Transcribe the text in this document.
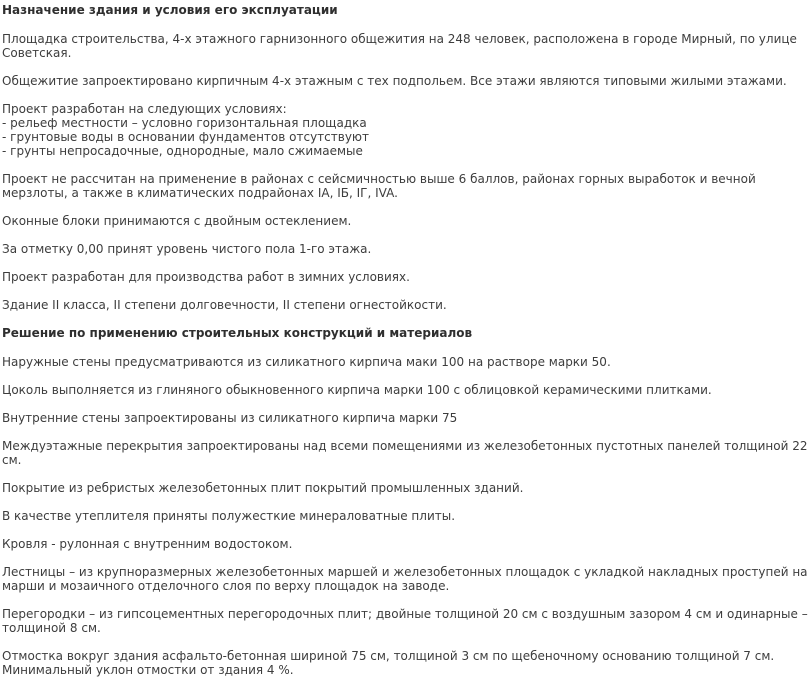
Назначение здания и условия его эксплуатации
Площадка строительства, 4-х этажного гарнизонного общежития на 248 человек, расположена в городе Мирный, по улице
Советская.
Общежитие запроектировано кирпичным 4-х этажным с тех подпольем. Все этажи являются типовыми жилыми этажами.
Проект разработан на следующих условиях:
- рельеф местности – условно горизонтальная площадка
- грунтовые воды в основании фундаментов отсутствуют
- грунты непросадочные, однородные, мало сжимаемые
Проект не рассчитан на применение в районах с сейсмичностью выше 6 баллов, районах горных выработок и вечной
мерзлоты, а также в климатических подрайонах IA, IБ, IГ, IVA.
Оконные блоки принимаются с двойным остеклением.
За отметку 0,00 принят уровень чистого пола 1-го этажа.
Проект разработан для производства работ в зимних условиях.
Здание II класса, II степени долговечности, II степени огнестойкости.
Решение по применению строительных конструкций и материалов
Наружные стены предусматриваются из силикатного кирпича маки 100 на растворе марки 50.
Цоколь выполняется из глиняного обыкновенного кирпича марки 100 с облицовкой керамическими плитками.
Внутренние стены запроектированы из силикатного кирпича марки 75
Междуэтажные перекрытия запроектированы над всеми помещениями из железобетонных пустотных панелей толщиной 22
см.
Покрытие из ребристых железобетонных плит покрытий промышленных зданий.
В качестве утеплителя приняты полужесткие минераловатные плиты.
Кровля - рулонная с внутренним водостоком.
Лестницы – из крупноразмерных железобетонных маршей и железобетонных площадок с укладкой накладных проступей на
марши и мозаичного отделочного слоя по верху площадок на заводе.
Перегородки – из гипсоцементных перегородочных плит; двойные толщиной 20 см с воздушным зазором 4 см и одинарные –
толщиной 8 см.
Отмостка вокруг здания асфальто-бетонная шириной 75 см, толщиной 3 см по щебеночному основанию толщиной 7 см.
Минимальный уклон отмостки от здания 4 %.
